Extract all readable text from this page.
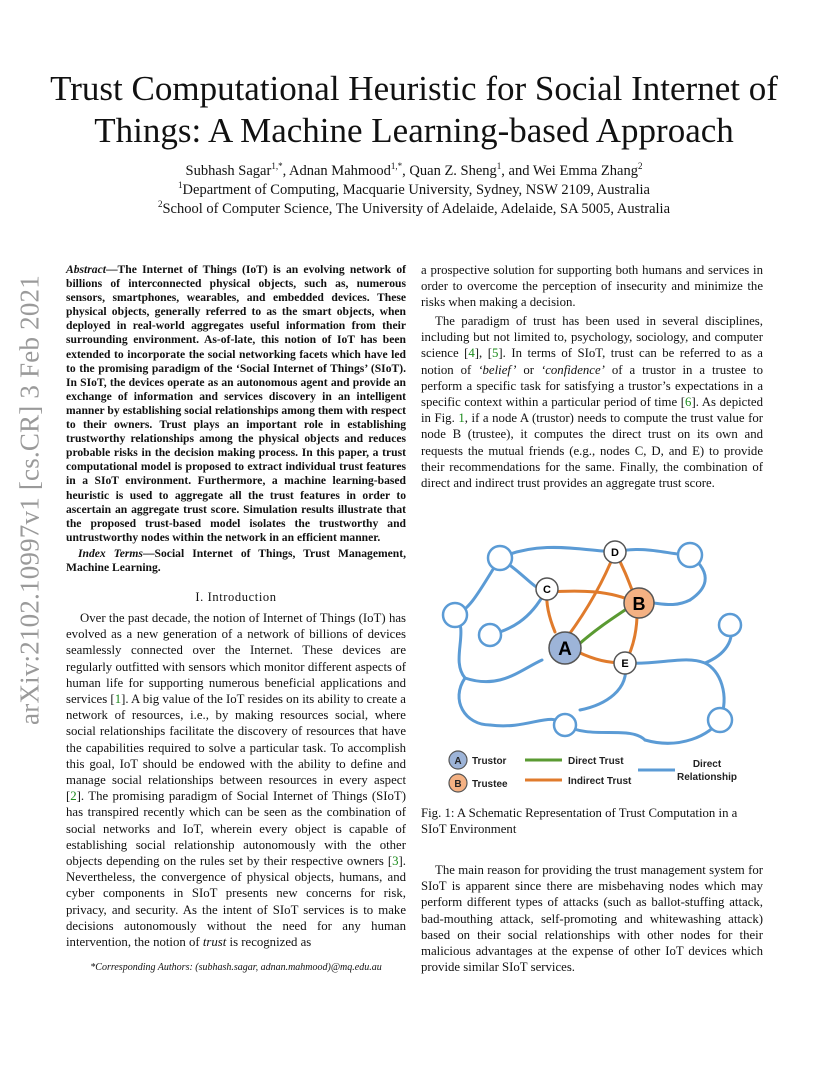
Trust Computational Heuristic for Social Internet of Things: A Machine Learning-based Approach
Subhash Sagar$^{1,*}$, Adnan Mahmood$^{1,*}$, Quan Z. Sheng$^1$, and Wei Emma Zhang$^2$
$^1$Department of Computing, Macquarie University, Sydney, NSW 2109, Australia
$^2$School of Computer Science, The University of Adelaide, Adelaide, SA 5005, Australia
arXiv:2102.10997v1 [cs.CR] 3 Feb 2021
Abstract—The Internet of Things (IoT) is an evolving network of billions of interconnected physical objects, such as, numerous sensors, smartphones, wearables, and embedded devices. These physical objects, generally referred to as the smart objects, when deployed in real-world aggregates useful information from their surrounding environment. As-of-late, this notion of IoT has been extended to incorporate the social networking facets which have led to the promising paradigm of the ‘Social Internet of Things’ (SIoT). In SIoT, the devices operate as an autonomous agent and provide an exchange of information and services discovery in an intelligent manner by establishing social relationships among them with respect to their owners. Trust plays an important role in establishing trustworthy relationships among the physical objects and reduces probable risks in the decision making process. In this paper, a trust computational model is proposed to extract individual trust features in a SIoT environment. Furthermore, a machine learning-based heuristic is used to aggregate all the trust features in order to ascertain an aggregate trust score. Simulation results illustrate that the proposed trust-based model isolates the trustworthy and untrustworthy nodes within the network in an efficient manner.
Index Terms—Social Internet of Things, Trust Management, Machine Learning.
I. Introduction
Over the past decade, the notion of Internet of Things (IoT) has evolved as a new generation of a network of billions of devices seamlessly connected over the Internet. These devices are regularly outfitted with sensors which monitor different aspects of human life for supporting numerous beneficial applications and services [1]. A big value of the IoT resides on its ability to create a network of resources, i.e., by making resources social, where social relationships facilitate the discovery of resources that have the capabilities required to solve a particular task. To accomplish this goal, IoT should be endowed with the ability to define and manage social relationships between resources in every aspect [2]. The promising paradigm of Social Internet of Things (SIoT) has transpired recently which can be seen as the combination of social networks and IoT, wherein every object is capable of establishing social relationship autonomously with the other objects depending on the rules set by their respective owners [3]. Nevertheless, the convergence of physical objects, humans, and cyber components in SIoT presents new concerns for risk, privacy, and security. As the intent of SIoT services is to make decisions autonomously without the need for any human intervention, the notion of trust is recognized as
*Corresponding Authors: (subhash.sagar, adnan.mahmood)@mq.edu.au
a prospective solution for supporting both humans and services in order to overcome the perception of insecurity and minimize the risks when making a decision.
The paradigm of trust has been used in several disciplines, including but not limited to, psychology, sociology, and computer science [4], [5]. In terms of SIoT, trust can be referred to as a notion of ‘belief’ or ‘confidence’ of a trustor in a trustee to perform a specific task for satisfying a trustor’s expectations in a specific context within a particular period of time [6]. As depicted in Fig. 1, if a node A (trustor) needs to compute the trust value for node B (trustee), it computes the direct trust on its own and requests the mutual friends (e.g., nodes C, D, and E) to provide their recommendations for the same. Finally, the combination of direct and indirect trust provides an aggregate trust score.
C
D
E
B
A
A Trustor
B Trustee
Direct Trust
Indirect Trust
Direct
Relationship
Fig. 1: A Schematic Representation of Trust Computation in a SIoT Environment
The main reason for providing the trust management system for SIoT is apparent since there are misbehaving nodes which may perform different types of attacks (such as ballot-stuffing attack, bad-mouthing attack, self-promoting and whitewashing attack) based on their social relationships with other nodes for their malicious advantages at the expense of other IoT devices which provide similar SIoT services.
